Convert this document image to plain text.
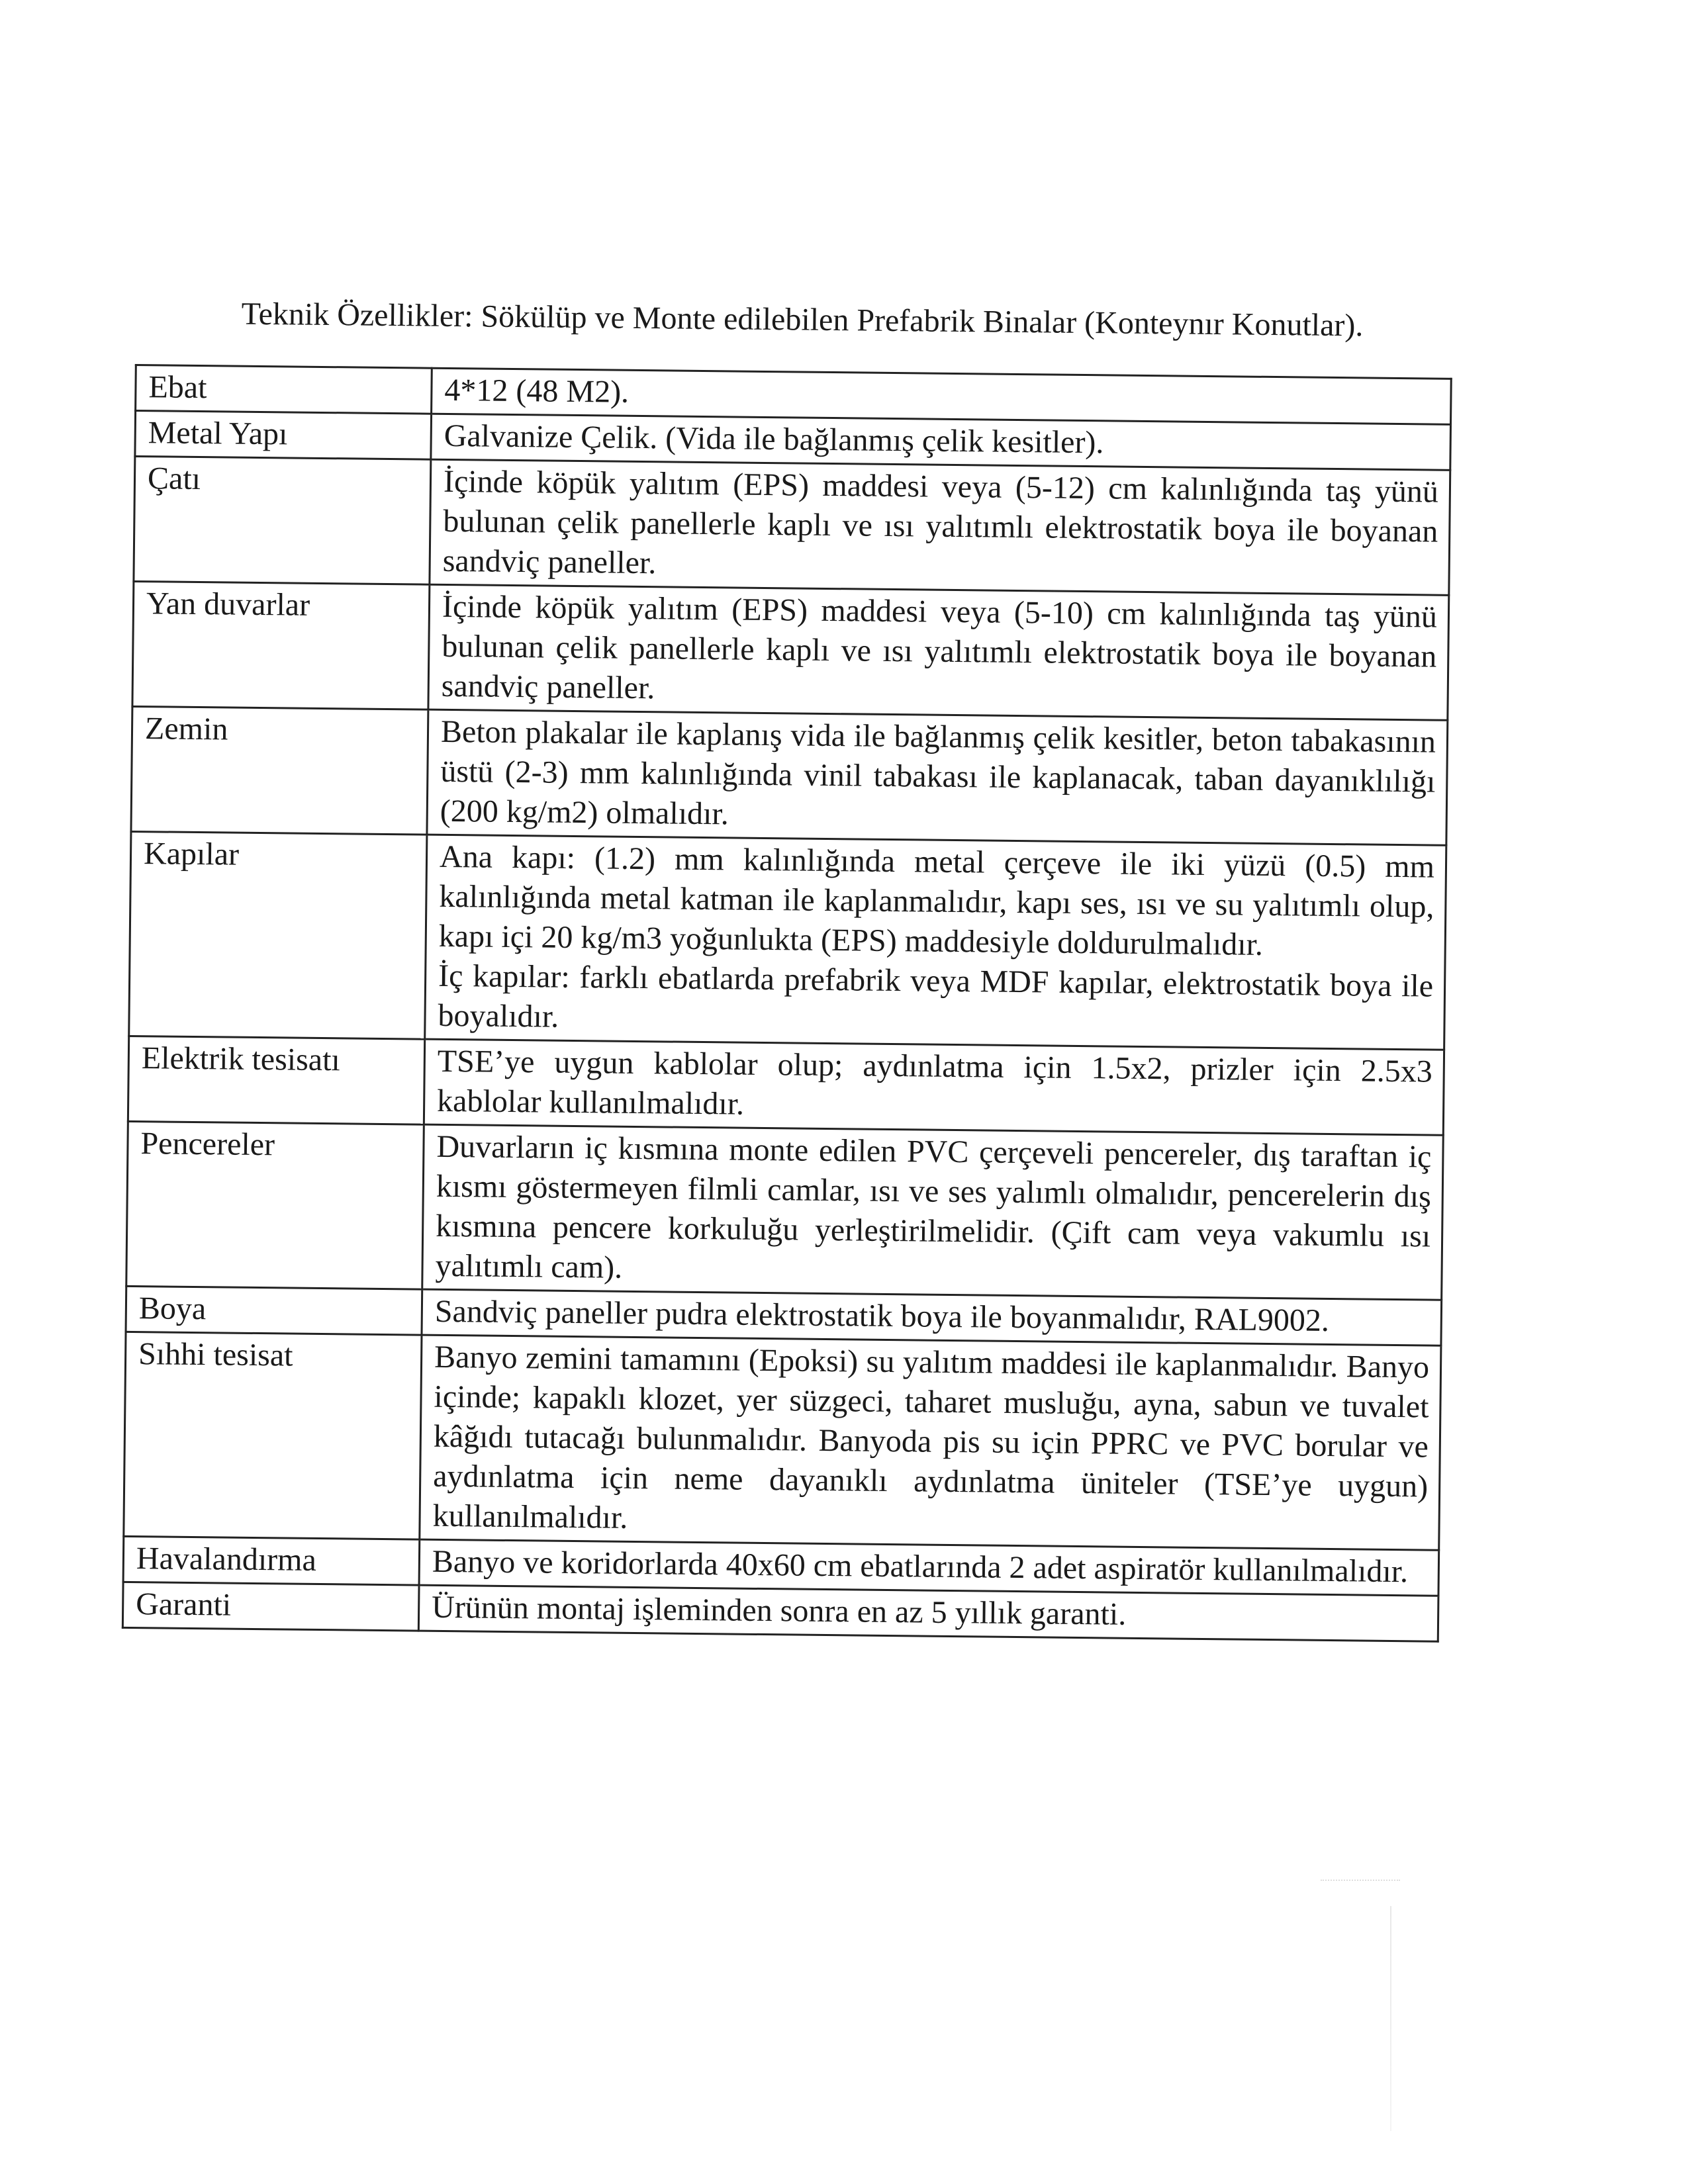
Teknik Özellikler: Sökülüp ve Monte edilebilen Prefabrik Binalar (Konteynır Konutlar).

Ebat	4*12 (48 M2).

Metal Yapı	Galvanize Çelik. (Vida ile bağlanmış çelik kesitler).

Çatı	İçinde köpük yalıtım (EPS) maddesi veya (5-12) cm kalınlığında taş yünü bulunan çelik panellerle kaplı ve ısı yalıtımlı elektrostatik boya ile boyanan sandviç paneller.

Yan duvarlar	İçinde köpük yalıtım (EPS) maddesi veya (5-10) cm kalınlığında taş yünü bulunan çelik panellerle kaplı ve ısı yalıtımlı elektrostatik boya ile boyanan sandviç paneller.

Zemin	Beton plakalar ile kaplanış vida ile bağlanmış çelik kesitler, beton tabakasının üstü (2-3) mm kalınlığında vinil tabakası ile kaplanacak, taban dayanıklılığı (200 kg/m2) olmalıdır.

Kapılar	Ana kapı: (1.2) mm kalınlığında metal çerçeve ile iki yüzü (0.5) mm kalınlığında metal katman ile kaplanmalıdır, kapı ses, ısı ve su yalıtımlı olup, kapı içi 20 kg/m3 yoğunlukta (EPS) maddesiyle doldurulmalıdır.
İç kapılar: farklı ebatlarda prefabrik veya MDF kapılar, elektrostatik boya ile boyalıdır.

Elektrik tesisatı	TSE’ye uygun kablolar olup; aydınlatma için 1.5x2, prizler için 2.5x3 kablolar kullanılmalıdır.

Pencereler	Duvarların iç kısmına monte edilen PVC çerçeveli pencereler, dış taraftan iç kısmı göstermeyen filmli camlar, ısı ve ses yalımlı olmalıdır, pencerelerin dış kısmına pencere korkuluğu yerleştirilmelidir. (Çift cam veya vakumlu ısı yalıtımlı cam).

Boya	Sandviç paneller pudra elektrostatik boya ile boyanmalıdır, RAL9002.

Sıhhi tesisat	Banyo zemini tamamını (Epoksi) su yalıtım maddesi ile kaplanmalıdır. Banyo içinde; kapaklı klozet, yer süzgeci, taharet musluğu, ayna, sabun ve tuvalet kâğıdı tutacağı bulunmalıdır. Banyoda pis su için PPRC ve PVC borular ve aydınlatma için neme dayanıklı aydınlatma üniteler (TSE’ye uygun) kullanılmalıdır.

Havalandırma	Banyo ve koridorlarda 40x60 cm ebatlarında 2 adet aspiratör kullanılmalıdır.

Garanti	Ürünün montaj işleminden sonra en az 5 yıllık garanti.
